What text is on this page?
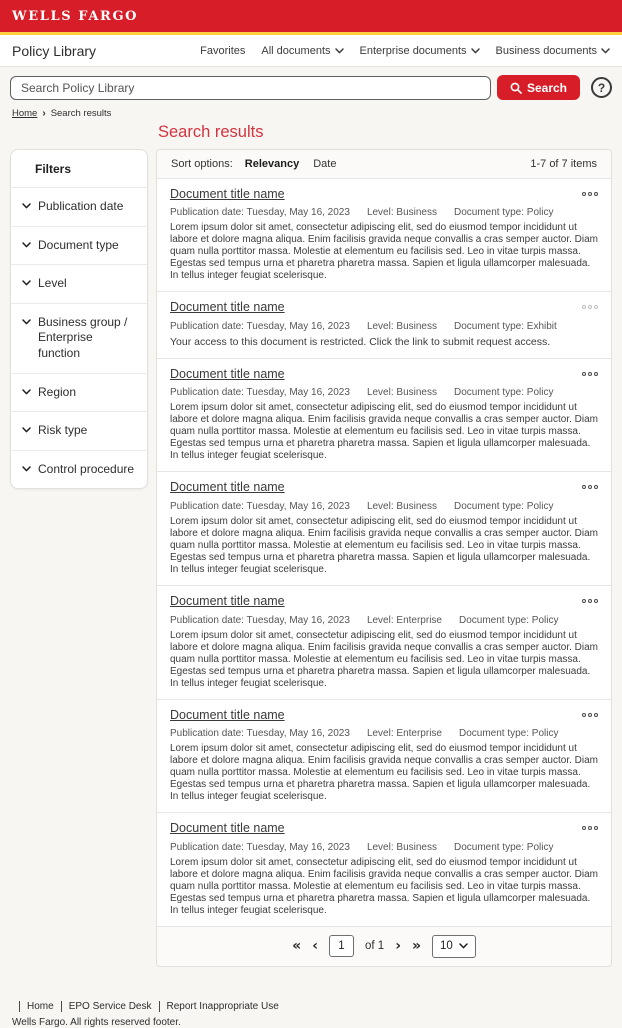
WELLS FARGO
Policy Library	Favorites All documents	Enterprise documents	Business documents
Search Policy Library
Search	?
Home › Search results
Filters
Publication date
Document type
Level
Business group / Enterprise function
Region
Risk type
Control procedure
Search results
Sort options: Relevancy Date	1-7 of 7 items
Document title name
Publication date: Tuesday, May 16, 2023 Level: Business Document type: Policy

Lorem ipsum dolor sit amet, consectetur adipiscing elit, sed do eiusmod tempor incididunt ut labore et dolore magna aliqua. Enim facilisis gravida neque convallis a cras semper auctor. Diam quam nulla porttitor massa. Molestie at elementum eu facilisis sed. Leo in vitae turpis massa. Egestas sed tempus urna et pharetra pharetra massa. Sapien et ligula ullamcorper malesuada. In tellus integer feugiat scelerisque.

Document title name
Publication date: Tuesday, May 16, 2023 Level: Business Document type: Exhibit

Your access to this document is restricted. Click the link to submit request access.

Document title name
Publication date: Tuesday, May 16, 2023 Level: Business Document type: Policy

Lorem ipsum dolor sit amet, consectetur adipiscing elit, sed do eiusmod tempor incididunt ut labore et dolore magna aliqua. Enim facilisis gravida neque convallis a cras semper auctor. Diam quam nulla porttitor massa. Molestie at elementum eu facilisis sed. Leo in vitae turpis massa. Egestas sed tempus urna et pharetra pharetra massa. Sapien et ligula ullamcorper malesuada. In tellus integer feugiat scelerisque.

Document title name
Publication date: Tuesday, May 16, 2023 Level: Business Document type: Policy

Lorem ipsum dolor sit amet, consectetur adipiscing elit, sed do eiusmod tempor incididunt ut labore et dolore magna aliqua. Enim facilisis gravida neque convallis a cras semper auctor. Diam quam nulla porttitor massa. Molestie at elementum eu facilisis sed. Leo in vitae turpis massa. Egestas sed tempus urna et pharetra pharetra massa. Sapien et ligula ullamcorper malesuada. In tellus integer feugiat scelerisque.

Document title name
Publication date: Tuesday, May 16, 2023 Level: Enterprise Document type: Policy

Lorem ipsum dolor sit amet, consectetur adipiscing elit, sed do eiusmod tempor incididunt ut labore et dolore magna aliqua. Enim facilisis gravida neque convallis a cras semper auctor. Diam quam nulla porttitor massa. Molestie at elementum eu facilisis sed. Leo in vitae turpis massa. Egestas sed tempus urna et pharetra pharetra massa. Sapien et ligula ullamcorper malesuada. In tellus integer feugiat scelerisque.

Document title name
Publication date: Tuesday, May 16, 2023 Level: Enterprise Document type: Policy

Lorem ipsum dolor sit amet, consectetur adipiscing elit, sed do eiusmod tempor incididunt ut labore et dolore magna aliqua. Enim facilisis gravida neque convallis a cras semper auctor. Diam quam nulla porttitor massa. Molestie at elementum eu facilisis sed. Leo in vitae turpis massa. Egestas sed tempus urna et pharetra pharetra massa. Sapien et ligula ullamcorper malesuada. In tellus integer feugiat scelerisque.

Document title name
Publication date: Tuesday, May 16, 2023 Level: Business Document type: Policy

Lorem ipsum dolor sit amet, consectetur adipiscing elit, sed do eiusmod tempor incididunt ut labore et dolore magna aliqua. Enim facilisis gravida neque convallis a cras semper auctor. Diam quam nulla porttitor massa. Molestie at elementum eu facilisis sed. Leo in vitae turpis massa. Egestas sed tempus urna et pharetra pharetra massa. Sapien et ligula ullamcorper malesuada. In tellus integer feugiat scelerisque.

« ‹
1	of 1 › » 10
Home	EPO Service Desk	Report Inappropriate Use
Wells Fargo. All rights reserved footer.
